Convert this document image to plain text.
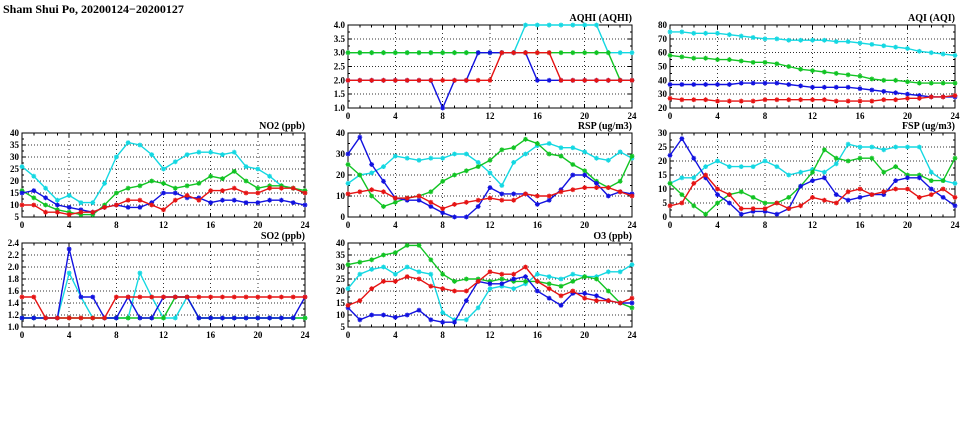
Sham Shui Po, 20200124−20200127
0	4	8	12	16	20	24
1.0
1.5
2.0
2.5
3.0
3.5
4.0
AQHI (AQHI)
0	4	8	12	16	20	24
20
30
40
50
60
70
80
AQI (AQI)
0	4	8	12	16	20	24
5
10
15
20
25
30
35
40
NO2 (ppb)
0	4	8	12	16	20	24
0
10
20
30
40
RSP (ug/m3)
0	4	8	12	16	20	24
0
5
10
15
20
25
30
FSP (ug/m3)
0	4	8	12	16	20	24
1.0
1.2
1.4
1.6
1.8
2.0
2.2
2.4
SO2 (ppb)
0	4	8	12	16	20	24
5
10
15
20
25
30
35
40
O3 (ppb)
